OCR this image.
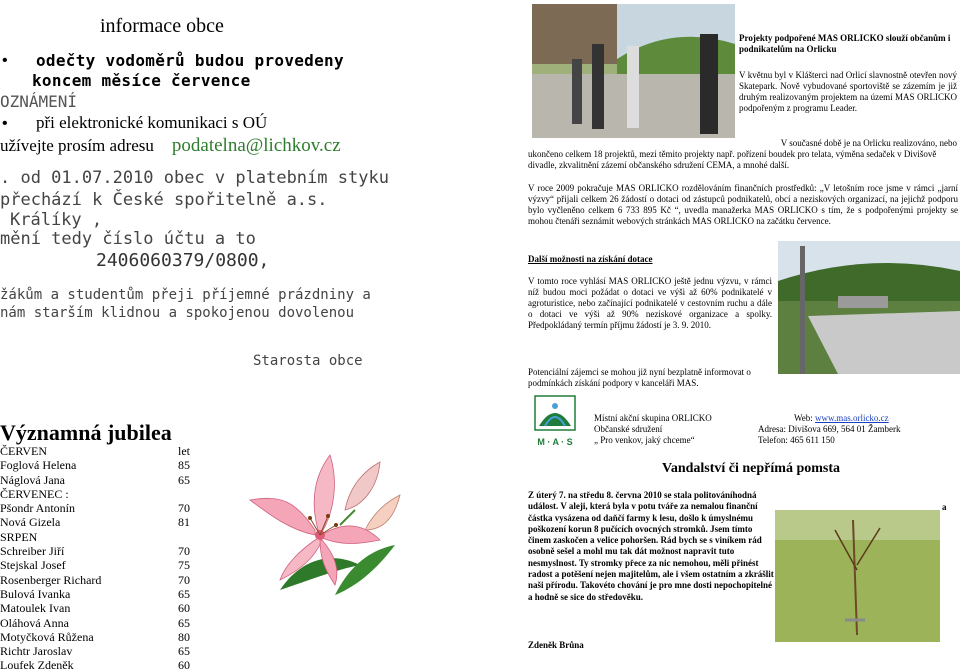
informace obce
• odečty vodoměrů budou provedeny
koncem měsíce července
OZNÁMENÍ
• při elektronické komunikaci s OÚ
užívejte prosím adresu podatelna@lichkov.cz
. od 01.07.2010 obec v platebním styku
přechází k České spořitelně a.s.
Králíky ,
mění tedy číslo účtu a to
2406060379/0800,
žákům a studentům přeji příjemné prázdniny a
nám starším klidnou a spokojenou dovolenou
Starosta obce
Významná jubilea
ČERVEN	let
Foglová Helena	85
Náglová Jana	65
ČERVENEC :
Pšondr Antonín	70
Nová Gizela	81
SRPEN
Schreiber Jiří	70
Stejskal Josef	75
Rosenberger Richard	70
Bulová Ivanka	65
Matoulek Ivan	60
Oláhová Anna	65
Motyčková Růžena	80
Richtr Jaroslav	65
Loufek Zdeněk	60
Projekty podpořené MAS ORLICKO slouží občanům i podnikatelům na Orlicku
V květnu byl v Klášterci nad Orlicí slavnostně otevřen nový Skatepark. Nově vybudované sportoviště se zázemím je již druhým realizovaným projektem na území MAS ORLICKO podpořeným z programu Leader.
V současné době je na Orlicku realizováno, nebo
ukončeno celkem 18 projektů, mezi těmito projekty např. pořízení boudek pro telata, výměna sedaček v Divišově divadle, zkvalitnění zázemí občanského sdružení CEMA, a mnohé další.
V roce 2009 pokračuje MAS ORLICKO rozdělováním finančních prostředků: „V letošním roce jsme v rámci „jarní výzvy“ přijali celkem 26 žádostí o dotaci od zástupců podnikatelů, obcí a neziskových organizací, na jejichž podporu bylo vyčleněno celkem 6 733 895 Kč “, uvedla manažerka MAS ORLICKO s tím, že s podpořenými projekty se mohou čtenáři seznámit webových stránkách MAS ORLICKO na začátku července.
Další možnosti na získání dotace
V tomto roce vyhlásí MAS ORLICKO ještě jednu výzvu, v rámci níž budou moci požádat o dotaci ve výši až 60% podnikatelé v agroturistice, nebo začínající podnikatelé v cestovním ruchu a dále o dotaci ve výši až 90% neziskové organizace a spolky. Předpokládaný termín příjmu žádostí je 3. 9. 2010.
Potenciální zájemci se mohou již nyní bezplatně informovat o podmínkách získání podpory v kanceláři MAS.
M · A · S
Místní akční skupina ORLICKO
Občanské sdružení
„ Pro venkov, jaký chceme“
Web: www.mas.orlicko.cz
Adresa: Divišova 669, 564 01 Žamberk
Telefon: 465 611 150
Vandalství či nepřímá pomsta
Z úterý 7. na středu 8. června 2010 se stala politováníhodná událost. V aleji, která byla v potu tváře za nemalou finanční částka vysázena od daňčí farmy k lesu, došlo k úmyslnému poškození korun 8 pučících ovocných stromků. Jsem tímto činem zaskočen a velice pohoršen. Rád bych se s viníkem rád osobně sešel a mohl mu tak dát možnost napravit tuto nesmyslnost. Ty stromky přece za nic nemohou, měli přinést radost a potěšení nejen majitelům, ale i všem ostatním a zkrášlit naši přírodu. Takovéto chování je pro mne dosti nepochopitelné a hodně se sice do středověku.
a
Zdeněk Brůna
